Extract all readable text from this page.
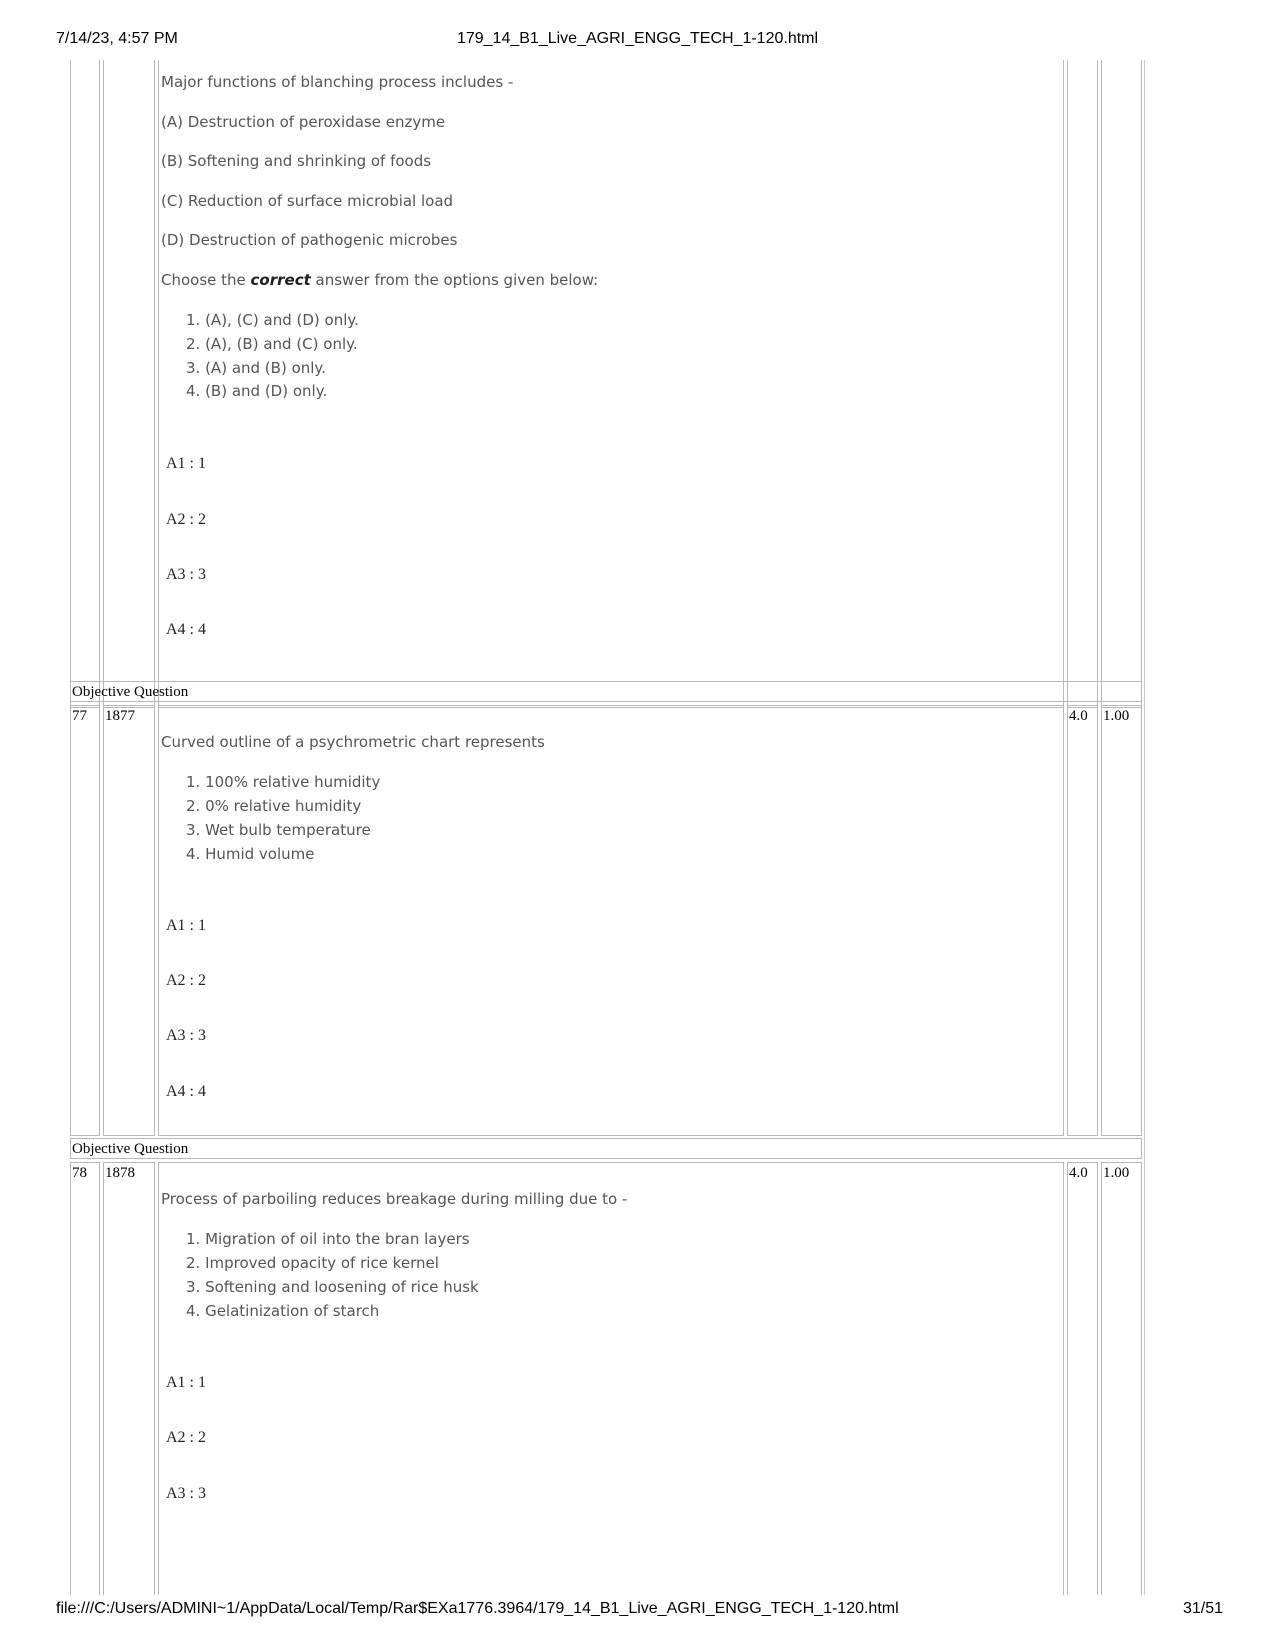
7/14/23, 4:57 PM	179_14_B1_Live_AGRI_ENGG_TECH_1-120.html
Major functions of blanching process includes -
(A) Destruction of peroxidase enzyme
(B) Softening and shrinking of foods
(C) Reduction of surface microbial load
(D) Destruction of pathogenic microbes
Choose the correct answer from the options given below:
1. (A), (C) and (D) only.
2. (A), (B) and (C) only.
3. (A) and (B) only.
4. (B) and (D) only.
A1 : 1
A2 : 2
A3 : 3
A4 : 4
Objective Question
77 1877
Curved outline of a psychrometric chart represents
1. 100% relative humidity
2. 0% relative humidity
3. Wet bulb temperature
4. Humid volume
A1 : 1
A2 : 2
A3 : 3
A4 : 4
4.0 1.00
Objective Question
78 1878
Process of parboiling reduces breakage during milling due to -
1. Migration of oil into the bran layers
2. Improved opacity of rice kernel
3. Softening and loosening of rice husk
4. Gelatinization of starch
A1 : 1
A2 : 2
A3 : 3
4.0 1.00
file:///C:/Users/ADMINI~1/AppData/Local/Temp/Rar$EXa1776.3964/179_14_B1_Live_AGRI_ENGG_TECH_1-120.html	31/51
